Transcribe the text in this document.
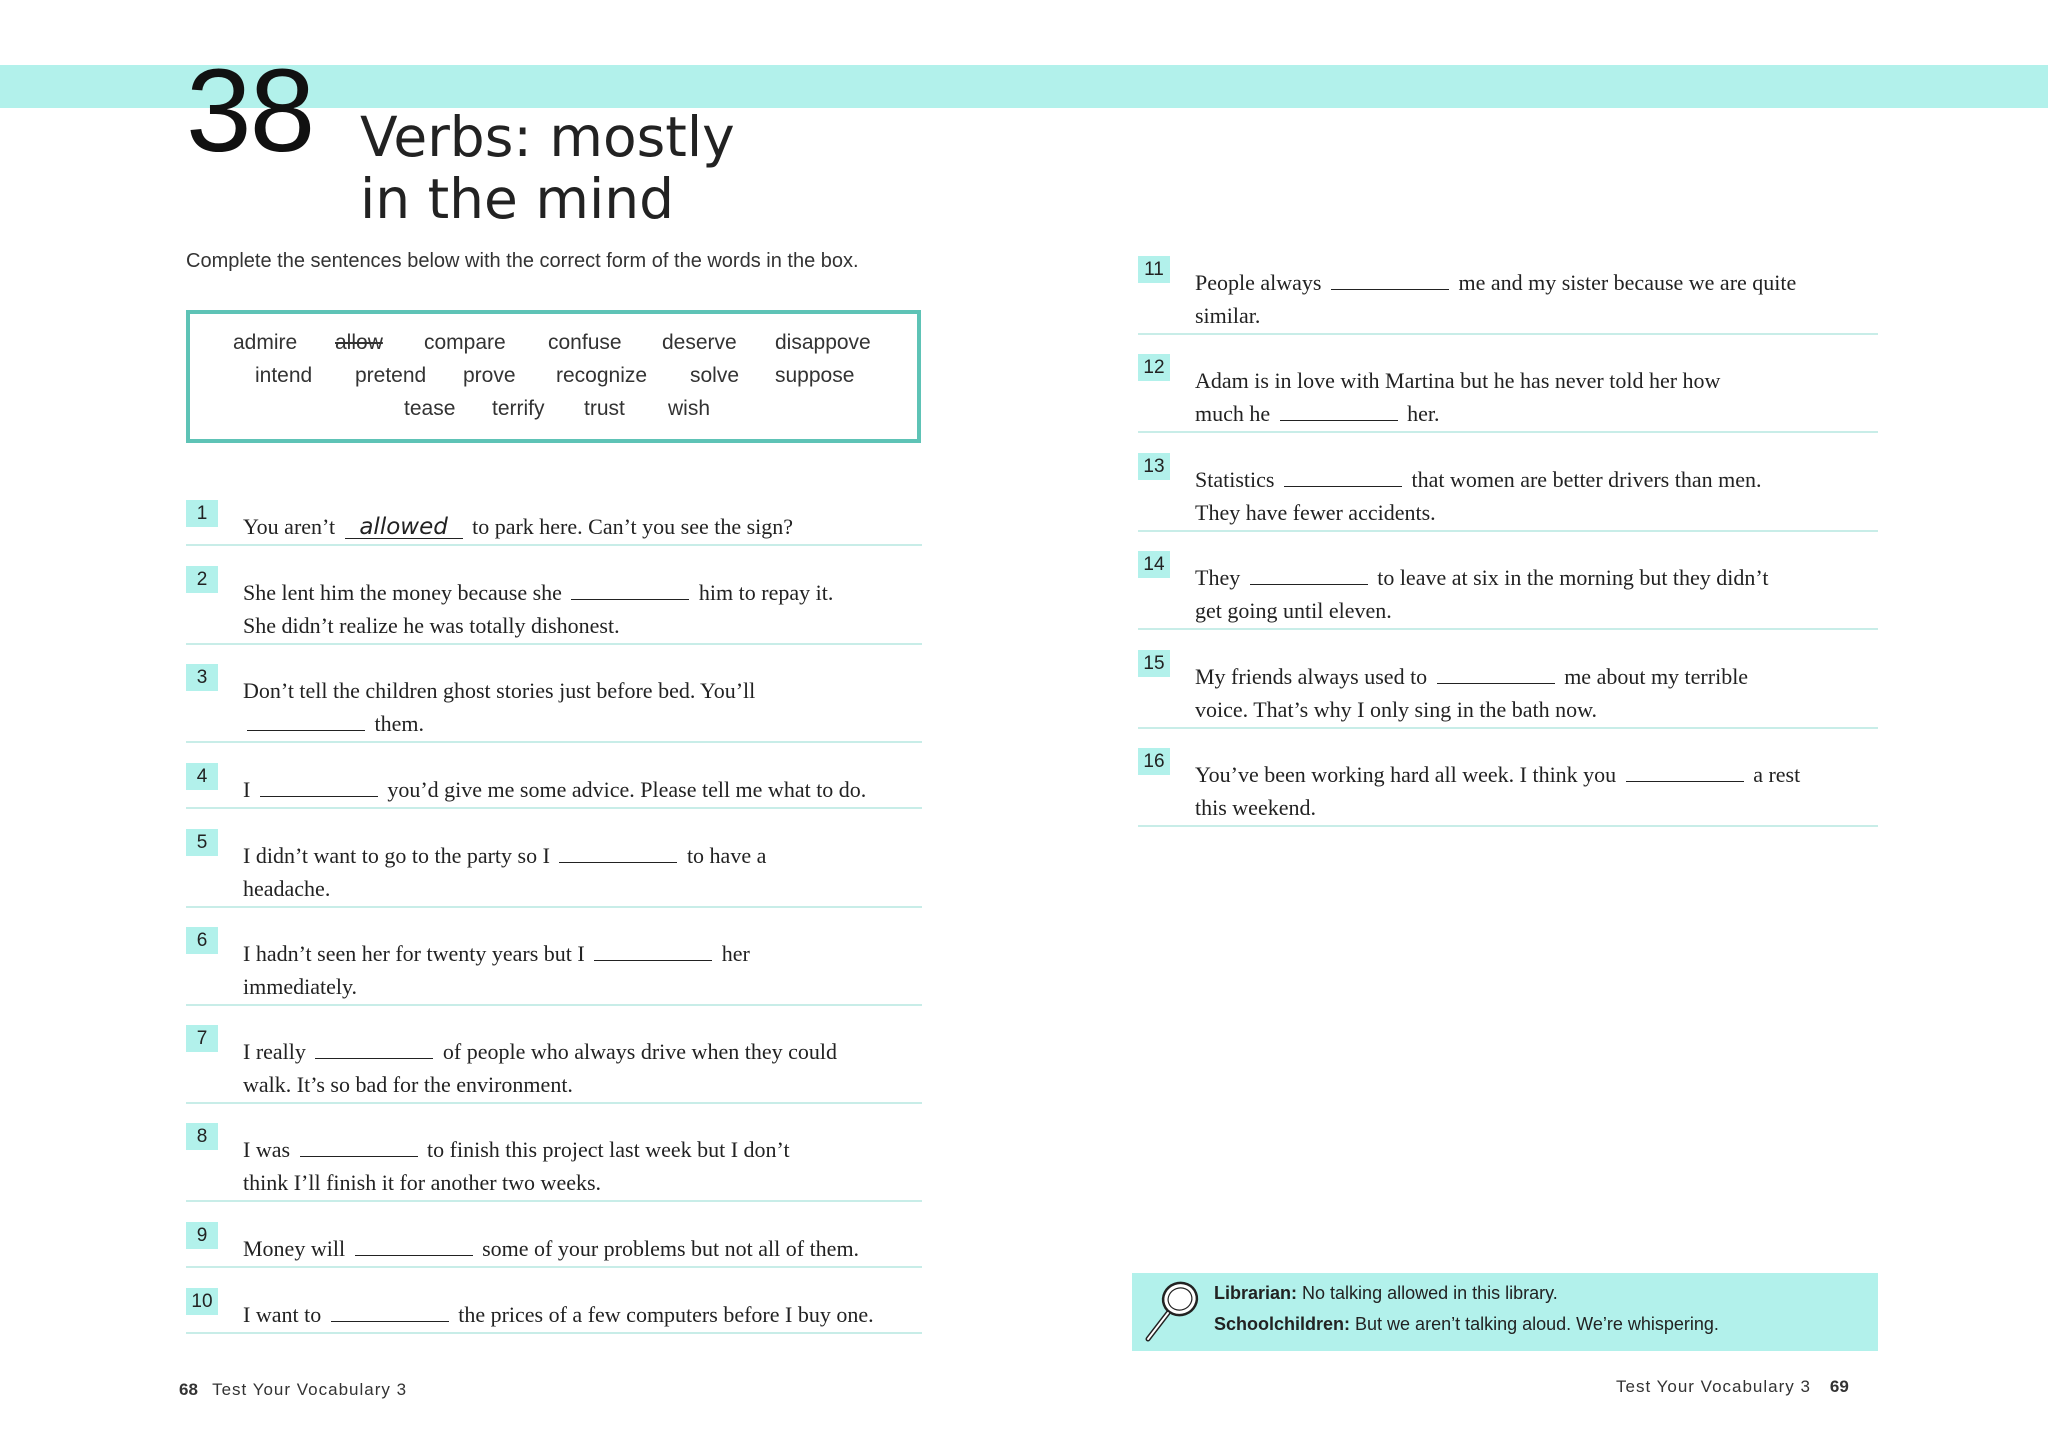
38 Verbs: mostly
in the mind
Complete the sentences below with the correct form of the words in the box.
admire allow compare confuse deserve disappove
intend pretend prove recognize solve suppose
tease terrify trust wish
1
You aren’t allowed to park here. Can’t you see the sign?
2
She lent him the money because she	him to repay it.
She didn’t realize he was totally dishonest.
3
Don’t tell the children ghost stories just before bed. You’ll
them.
4
I	you’d give me some advice. Please tell me what to do.
5
I didn’t want to go to the party so I	to have a
headache.
6
I hadn’t seen her for twenty years but I	her
immediately.
7
I really	of people who always drive when they could
walk. It’s so bad for the environment.
8
I was	to finish this project last week but I don’t
think I’ll finish it for another two weeks.
9
Money will	some of your problems but not all of them.
10
I want to	the prices of a few computers before I buy one.
11
People always	me and my sister because we are quite
similar.
12
Adam is in love with Martina but he has never told her how
much he	her.
13
Statistics	that women are better drivers than men.
They have fewer accidents.
14
They	to leave at six in the morning but they didn’t
get going until eleven.
15
My friends always used to	me about my terrible
voice. That’s why I only sing in the bath now.
16
You’ve been working hard all week. I think you	a rest
this weekend.
Librarian: No talking allowed in this library.
Schoolchildren: But we aren’t talking aloud. We’re whispering.
68 Test Your Vocabulary 3	Test Your Vocabulary 3 69
